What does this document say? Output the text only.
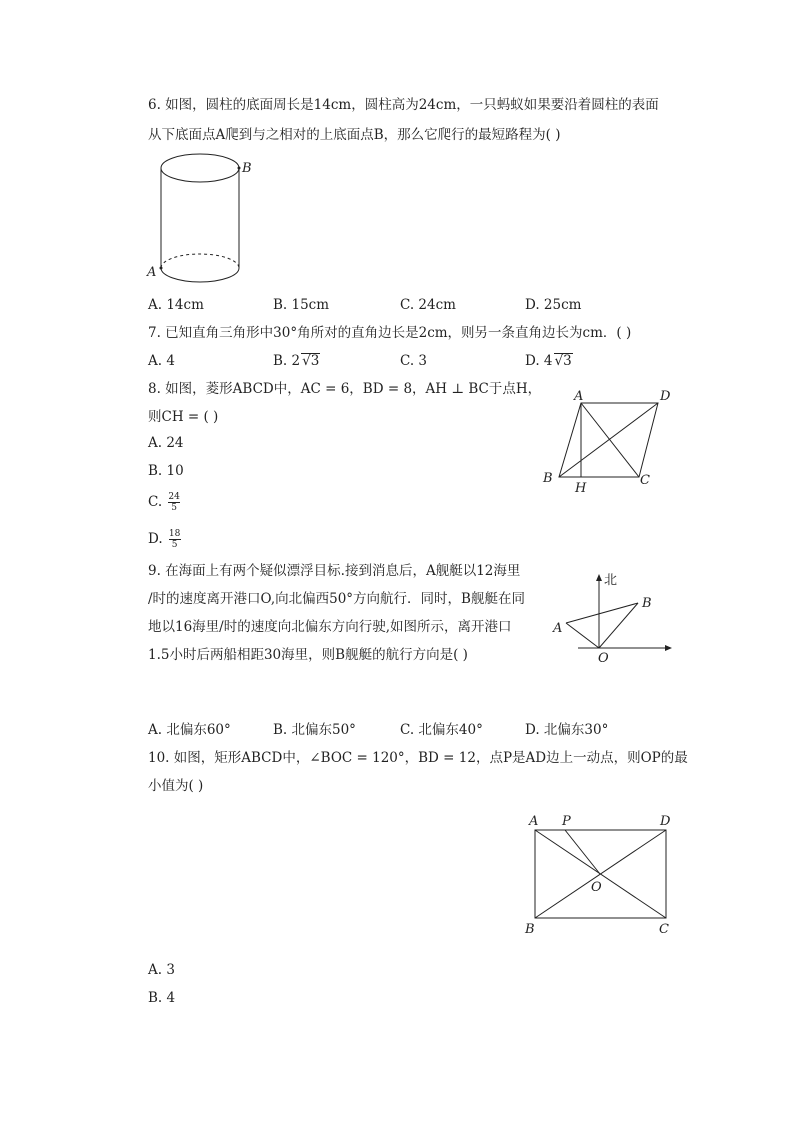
6. 如图，圆柱的底面周长是14cm，圆柱高为24cm，一只蚂蚁如果要沿着圆柱的表面
从下底面点A爬到与之相对的上底面点B，那么它爬行的最短路程为( )
B
A
A. 14cm	B. 15cm	C. 24cm	D. 25cm
7. 已知直角三角形中30°角所对的直角边长是2cm，则另一条直角边长为cm．( )
A. 4	B. 2 √3	C. 3	D. 4 √3
8. 如图，菱形ABCD中，AC = 6，BD = 8，AH ⊥ BC于点H，
则CH = ( )
A. 24
B. 10
C. $\frac{24}{5}$
D. $\frac{18}{5}$
A	D
B	C
H
9. 在海面上有两个疑似漂浮目标.接到消息后，A舰艇以12海里
/时的速度离开港口O,向北偏西50°方向航行．同时，B舰艇在同
地以16海里/时的速度向北偏东方向行驶,如图所示，离开港口
1.5小时后两船相距30海里，则B舰艇的航行方向是( )
北
A
B
O
A. 北偏东60°	B. 北偏东50°	C. 北偏东40°	D. 北偏东30°
10. 如图，矩形ABCD中，∠BOC = 120°，BD = 12，点P是AD边上一动点，则OP的最
小值为( )
A P	D
O
B	C
A. 3
B. 4
